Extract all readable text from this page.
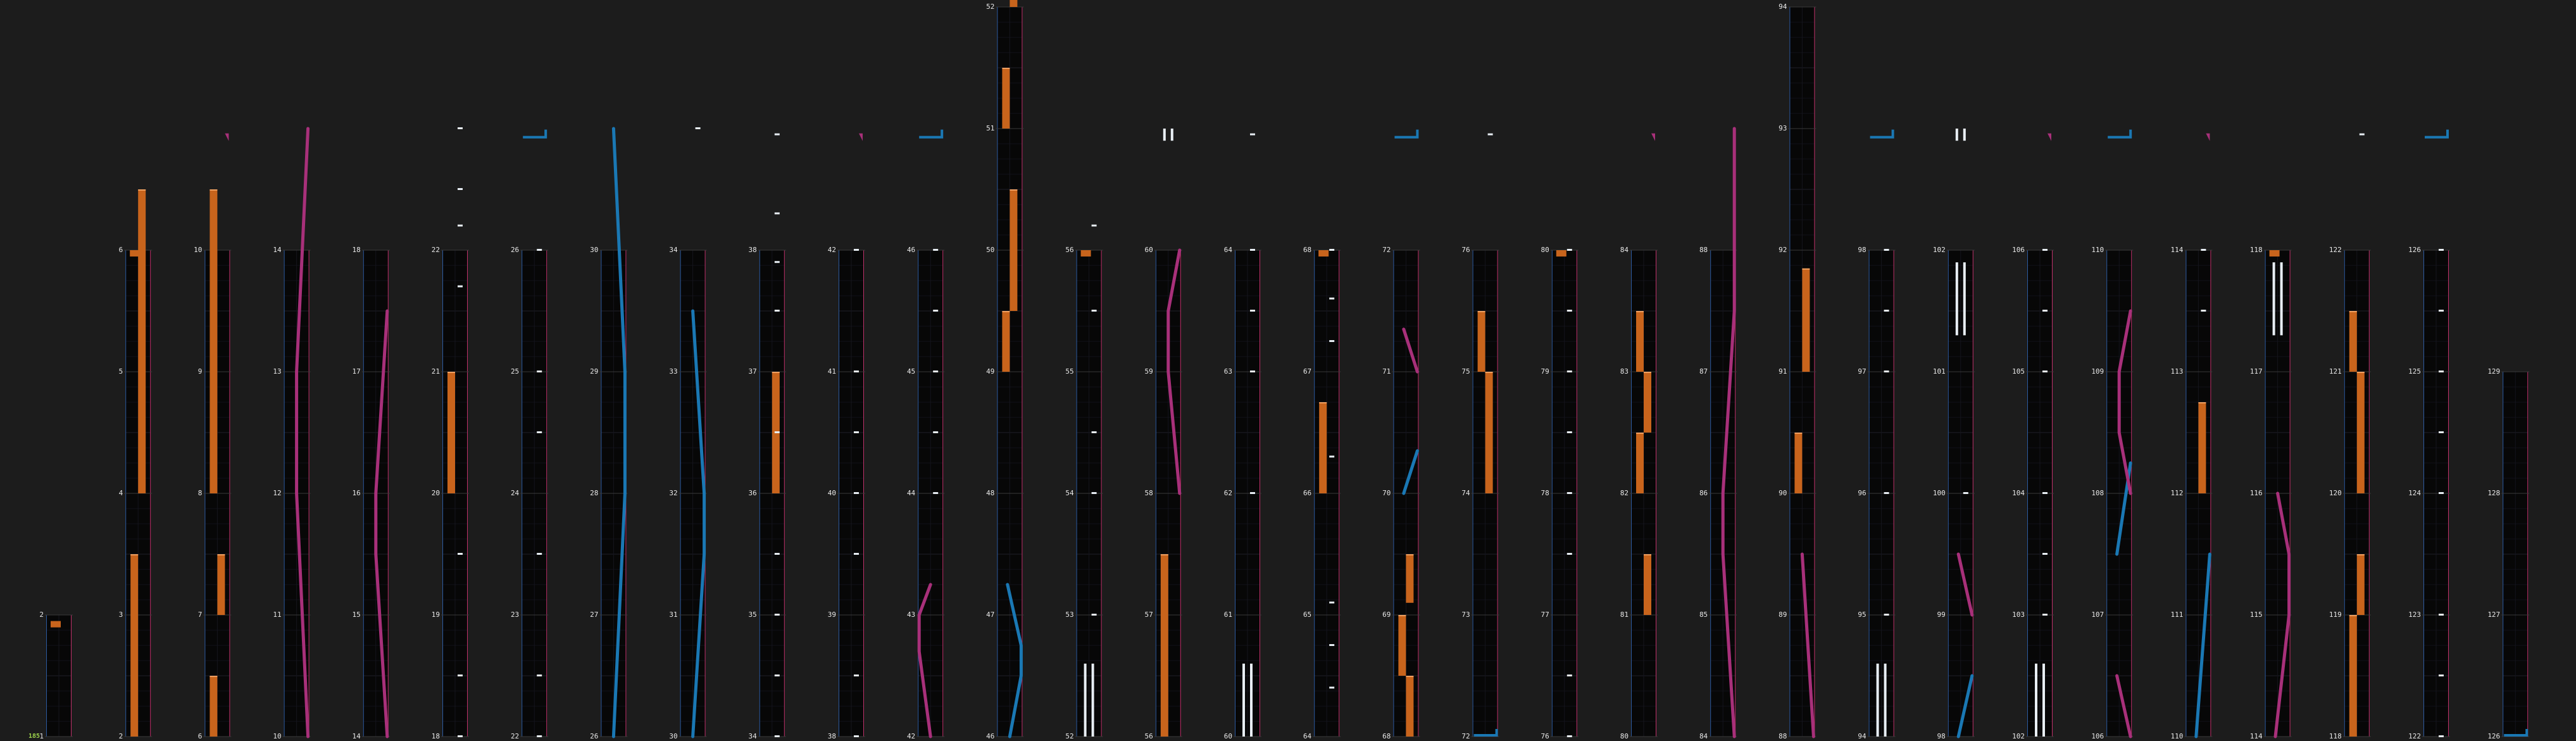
1
2
2
3
4
5
6
6
7
8
9
10
10
11
12
13
14
14
15
16
17
18
18
19
20
21
22
22
23
24
25
26
26
27
28
29
30
30
31
32
33
34
34
35
36
37
38
38
39
40
41
42
42
43
44
45
46
46
47
48
49
50
51
52
52
53
54
55
56
56
57
58
59
60
60
61
62
63
64
64
65
66
67
68
68
69
70
71
72
72
73
74
75
76
76
77
78
79
80
80
81
82
83
84
84
85
86
87
88
88
89
90
91
92
93
94
94
95
96
97
98
98
99
100
101
102
102
103
104
105
106
106
107
108
109
110
110
111
112
113
114
114
115
116
117
118
118
119
120
121
122
122
123
124
125
126
126
127
128
129
185
